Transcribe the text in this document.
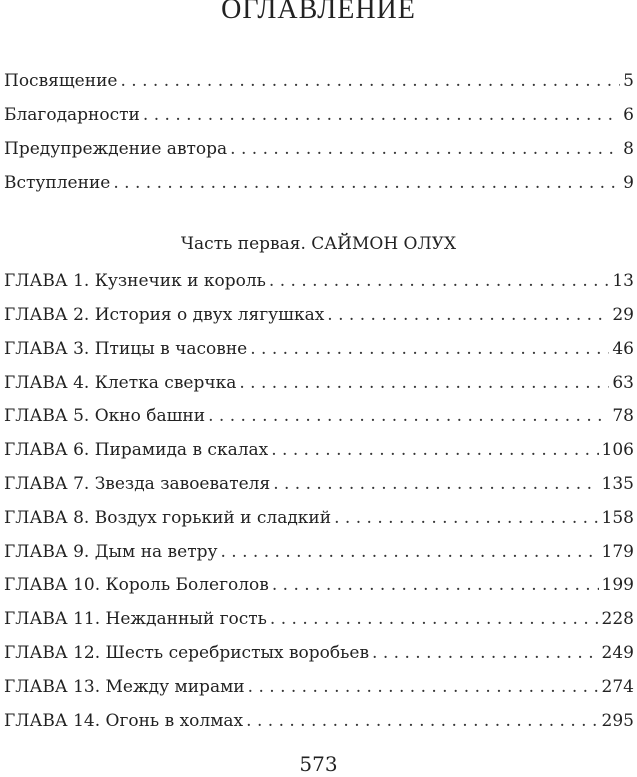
ОГЛАВЛЕНИЕ
Посвящение . . .	5
Благодарности . . .	6
Предупреждение автора . . .	8
Вступление . . .	9
Часть первая. САЙМОН ОЛУХ
ГЛАВА 1. Кузнечик и король . . .	13
ГЛАВА 2. История о двух лягушках . . .	29
ГЛАВА 3. Птицы в часовне . . .	46
ГЛАВА 4. Клетка сверчка . . .	63
ГЛАВА 5. Окно башни . . .	78
ГЛАВА 6. Пирамида в скалах . . .	106
ГЛАВА 7. Звезда завоевателя . . .	135
ГЛАВА 8. Воздух горький и сладкий . . .	158
ГЛАВА 9. Дым на ветру . . .	179
ГЛАВА 10. Король Болеголов . . .	199
ГЛАВА 11. Нежданный гость . . .	228
ГЛАВА 12. Шесть серебристых воробьев . . .	249
ГЛАВА 13. Между мирами . . .	274
ГЛАВА 14. Огонь в холмах . . .	295
573
